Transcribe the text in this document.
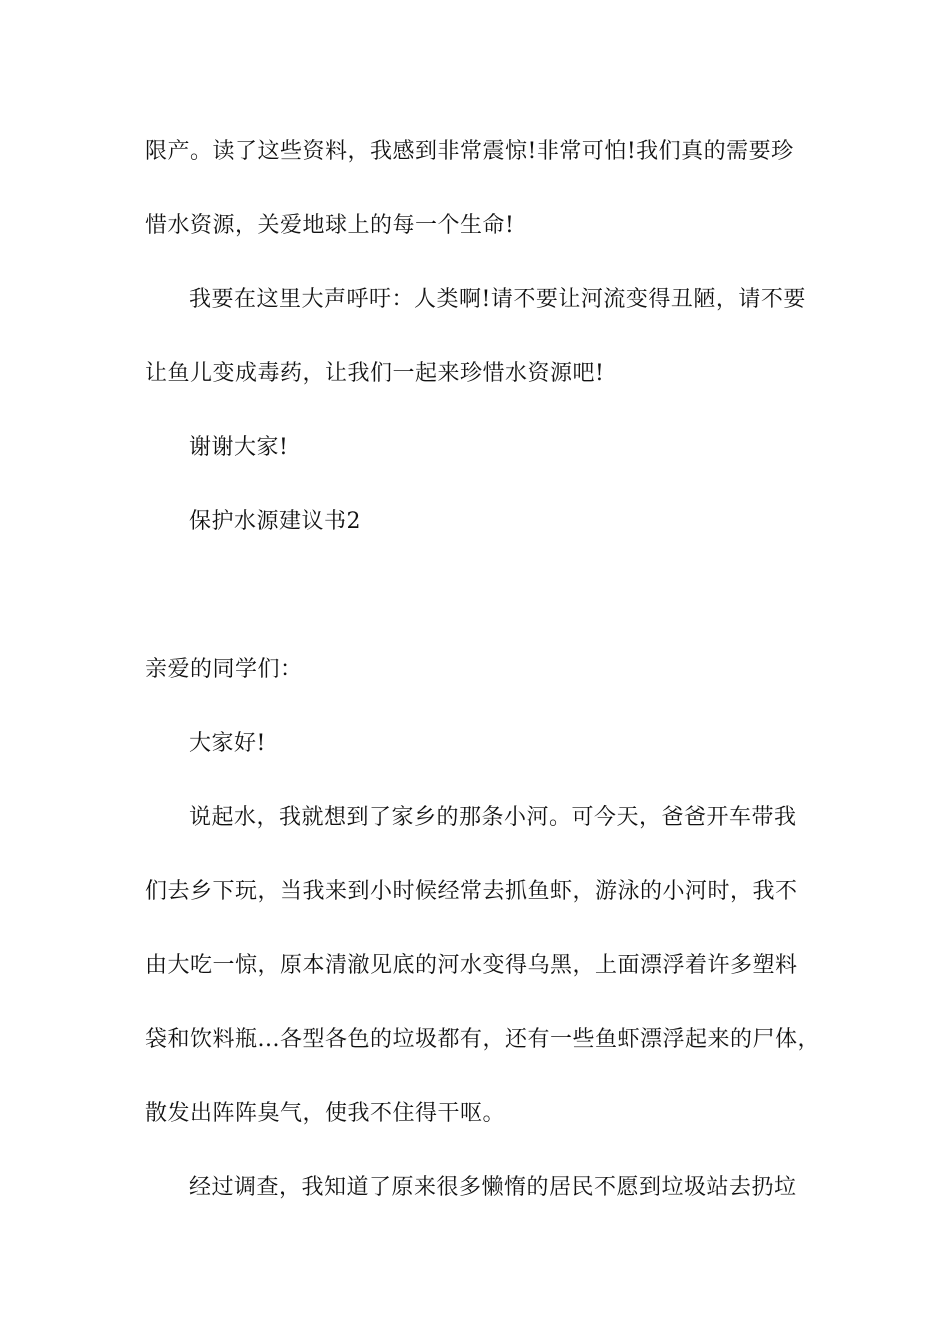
限产。读了这些资料，我感到非常震惊!非常可怕!我们真的需要珍
惜水资源，关爱地球上的每一个生命!
我要在这里大声呼吁：人类啊!请不要让河流变得丑陋，请不要
让鱼儿变成毒药，让我们一起来珍惜水资源吧!
谢谢大家!
保护水源建议书2
亲爱的同学们：
大家好!
说起水，我就想到了家乡的那条小河。可今天，爸爸开车带我
们去乡下玩，当我来到小时候经常去抓鱼虾，游泳的小河时，我不
由大吃一惊，原本清澈见底的河水变得乌黑，上面漂浮着许多塑料
袋和饮料瓶...各型各色的垃圾都有，还有一些鱼虾漂浮起来的尸体，
散发出阵阵臭气，使我不住得干呕。
经过调查，我知道了原来很多懒惰的居民不愿到垃圾站去扔垃
